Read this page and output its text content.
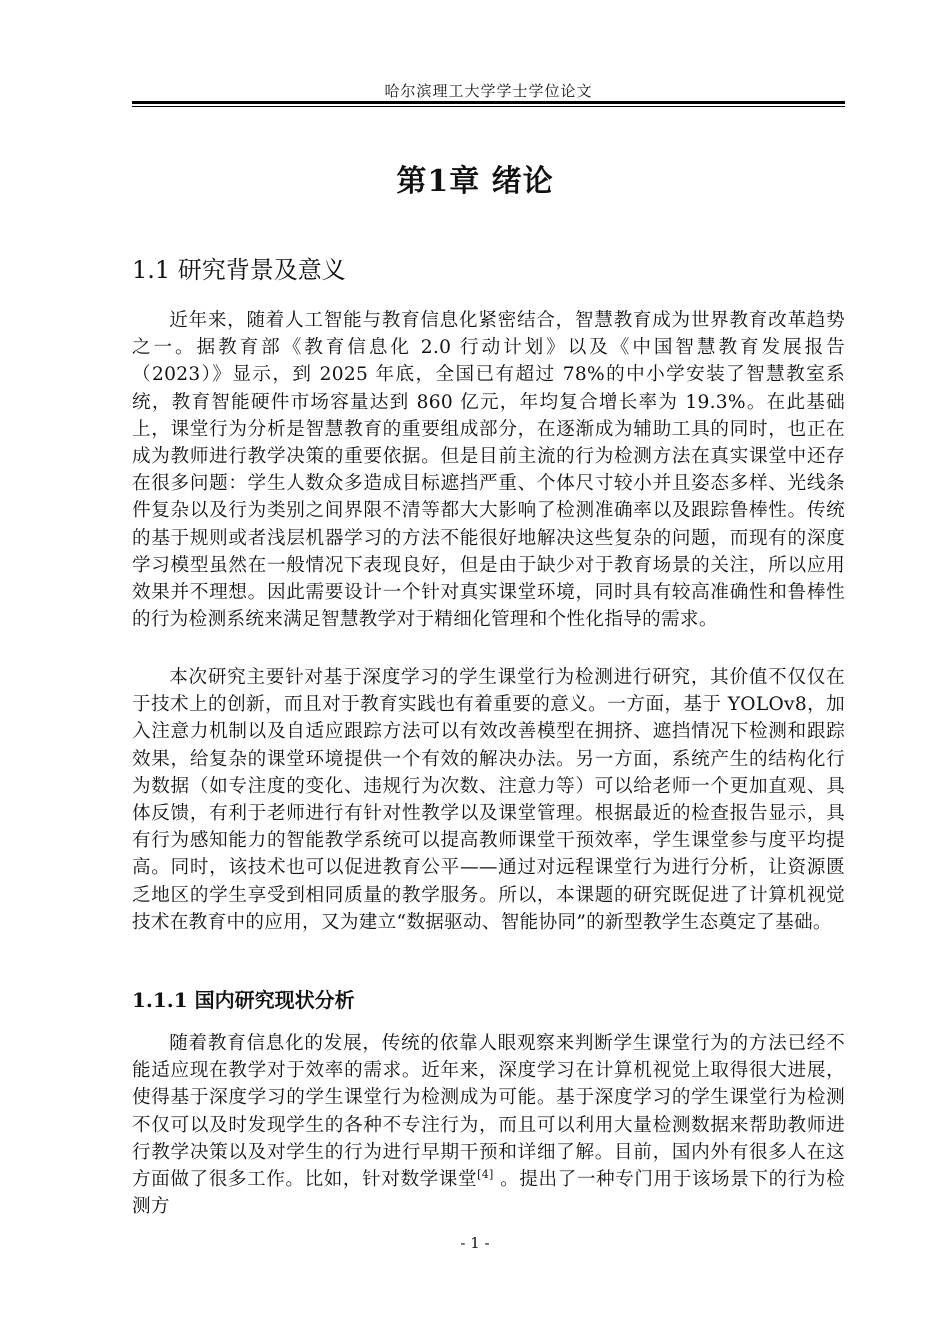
哈尔滨理工大学学士学位论文
第1章 绪论
1.1 研究背景及意义

近年来，随着人工智能与教育信息化紧密结合，智慧教育成为世界教育改革趋势之一。据教育部《教育信息化 2.0 行动计划》以及《中国智慧教育发展报告（2023）》显示，到 2025 年底，全国已有超过 78%的中小学安装了智慧教室系统，教育智能硬件市场容量达到 860 亿元，年均复合增长率为 19.3%。在此基础上，课堂行为分析是智慧教育的重要组成部分，在逐渐成为辅助工具的同时，也正在成为教师进行教学决策的重要依据。但是目前主流的行为检测方法在真实课堂中还存在很多问题：学生人数众多造成目标遮挡严重、个体尺寸较小并且姿态多样、光线条件复杂以及行为类别之间界限不清等都大大影响了检测准确率以及跟踪鲁棒性。传统的基于规则或者浅层机器学习的方法不能很好地解决这些复杂的问题，而现有的深度学习模型虽然在一般情况下表现良好，但是由于缺少对于教育场景的关注，所以应用效果并不理想。因此需要设计一个针对真实课堂环境，同时具有较高准确性和鲁棒性的行为检测系统来满足智慧教学对于精细化管理和个性化指导的需求。

本次研究主要针对基于深度学习的学生课堂行为检测进行研究，其价值不仅仅在于技术上的创新，而且对于教育实践也有着重要的意义。一方面，基于 YOLOv8，加入注意力机制以及自适应跟踪方法可以有效改善模型在拥挤、遮挡情况下检测和跟踪效果，给复杂的课堂环境提供一个有效的解决办法。另一方面，系统产生的结构化行为数据（如专注度的变化、违规行为次数、注意力等）可以给老师一个更加直观、具体反馈，有利于老师进行有针对性教学以及课堂管理。根据最近的检查报告显示，具有行为感知能力的智能教学系统可以提高教师课堂干预效率，学生课堂参与度平均提高。同时，该技术也可以促进教育公平——通过对远程课堂行为进行分析，让资源匮乏地区的学生享受到相同质量的教学服务。所以，本课题的研究既促进了计算机视觉技术在教育中的应用，又为建立“数据驱动、智能协同”的新型教学生态奠定了基础。

1.1.1 国内研究现状分析

随着教育信息化的发展，传统的依靠人眼观察来判断学生课堂行为的方法已经不能适应现在教学对于效率的需求。近年来，深度学习在计算机视觉上取得很大进展，使得基于深度学习的学生课堂行为检测成为可能。基于深度学习的学生课堂行为检测不仅可以及时发现学生的各种不专注行为，而且可以利用大量检测数据来帮助教师进行教学决策以及对学生的行为进行早期干预和详细了解。目前，国内外有很多人在这方面做了很多工作。比如，针对数学课堂[4] 。提出了一种专门用于该场景下的行为检测方

- 1 -
